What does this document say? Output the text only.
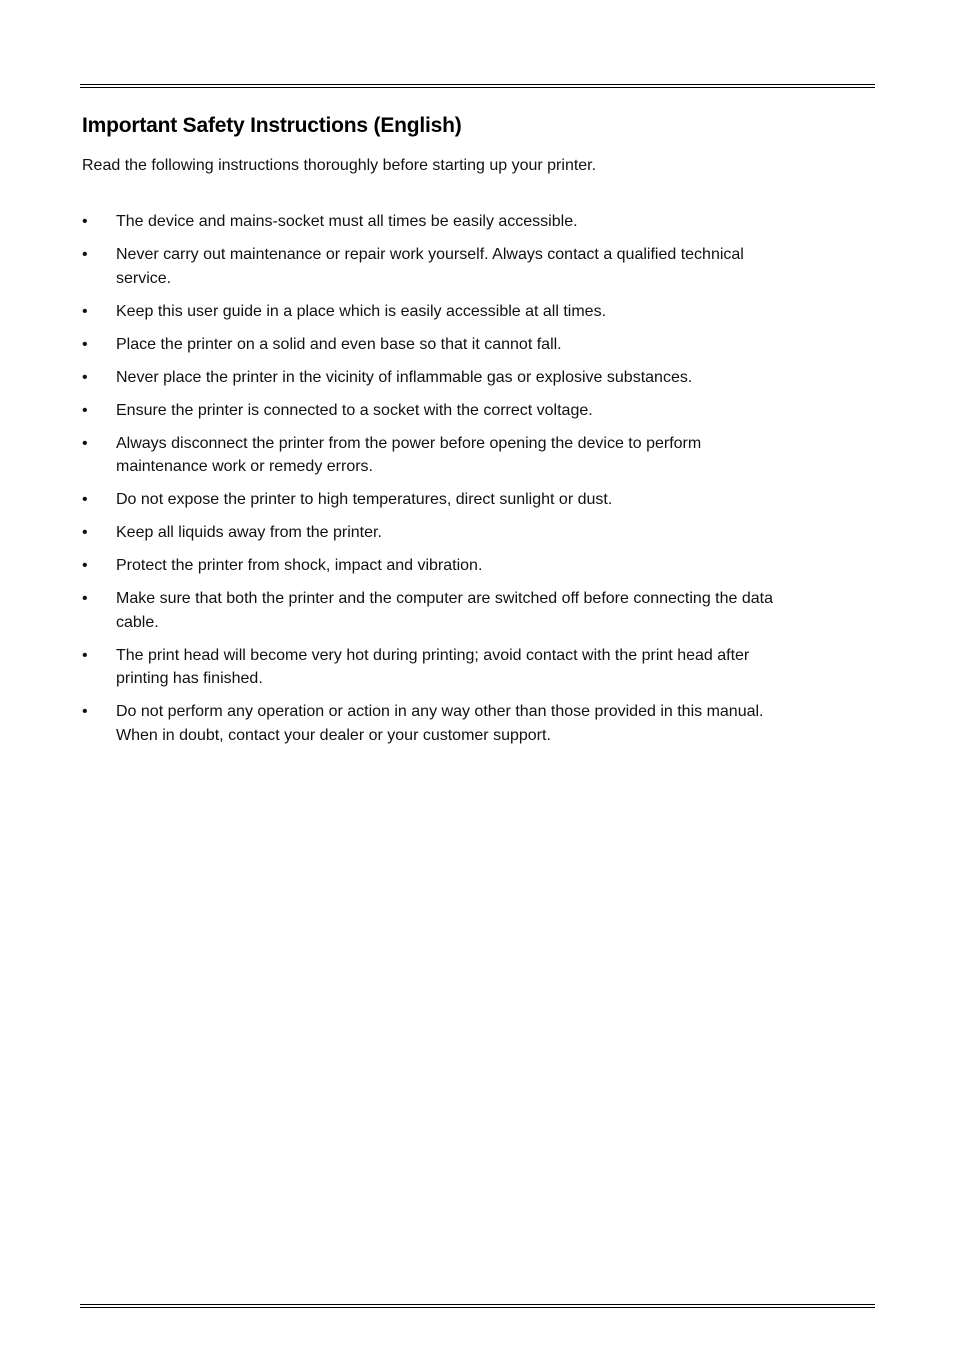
Important Safety Instructions (English)

Read the following instructions thoroughly before starting up your printer.

•	The device and mains-socket must all times be easily accessible.
•	Never carry out maintenance or repair work yourself. Always contact a qualified technical
service.
•	Keep this user guide in a place which is easily accessible at all times.
•	Place the printer on a solid and even base so that it cannot fall.
•	Never place the printer in the vicinity of inflammable gas or explosive substances.
•	Ensure the printer is connected to a socket with the correct voltage.
•	Always disconnect the printer from the power before opening the device to perform
maintenance work or remedy errors.
•	Do not expose the printer to high temperatures, direct sunlight or dust.
•	Keep all liquids away from the printer.
•	Protect the printer from shock, impact and vibration.
•	Make sure that both the printer and the computer are switched off before connecting the data
cable.
•	The print head will become very hot during printing; avoid contact with the print head after
printing has finished.
•	Do not perform any operation or action in any way other than those provided in this manual.
When in doubt, contact your dealer or your customer support.
